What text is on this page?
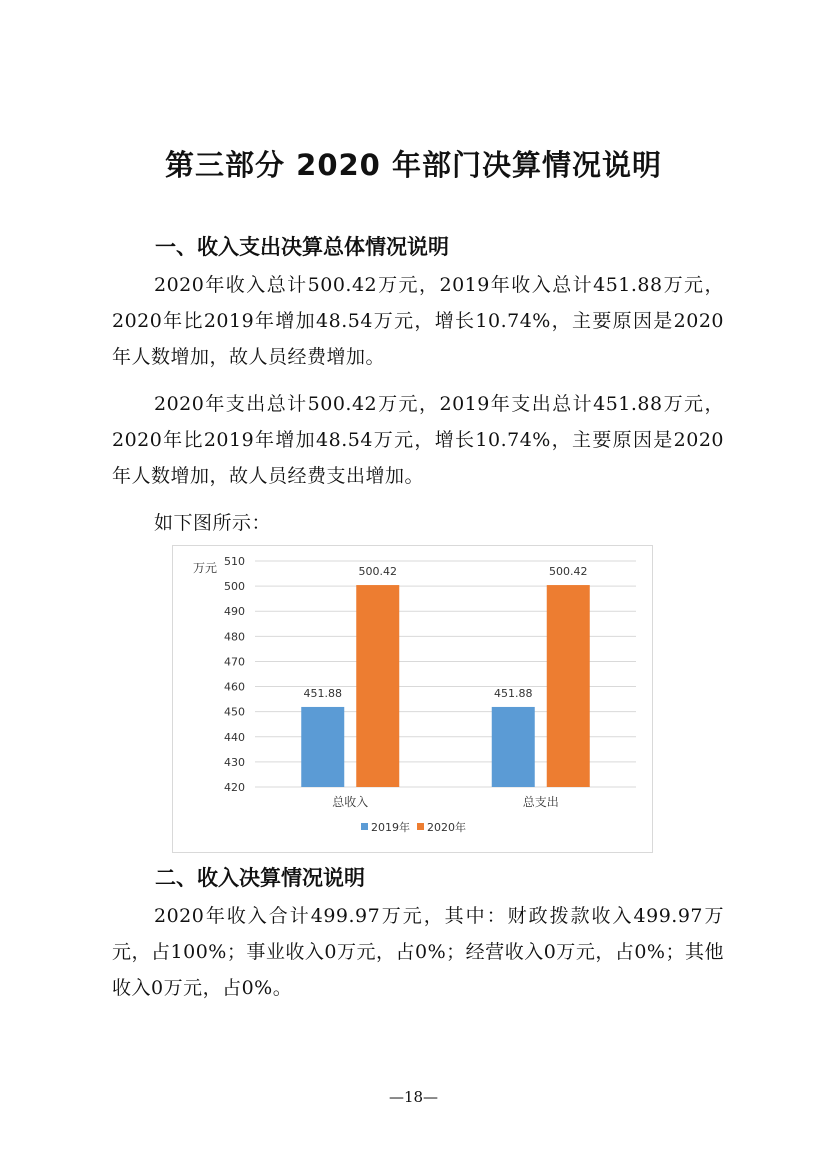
第三部分 2020 年部门决算情况说明
一、收入支出决算总体情况说明
2020年收入总计500.42万元，2019年收入总计451.88万元，2020年比2019年增加48.54万元，增长10.74%，主要原因是2020年人数增加，故人员经费增加。
2020年支出总计500.42万元，2019年支出总计451.88万元，2020年比2019年增加48.54万元，增长10.74%，主要原因是2020年人数增加，故人员经费支出增加。
如下图所示：
万元
420
430
440
450
460
470
480
490
500
510
451.88
500.42
总收入
451.88
500.42
总支出
2019年 2020年
二、收入决算情况说明
2020年收入合计499.97万元，其中：财政拨款收入499.97万元，占100%；事业收入0万元，占0%；经营收入0万元，占0%；其他收入0万元，占0%。
—18—
